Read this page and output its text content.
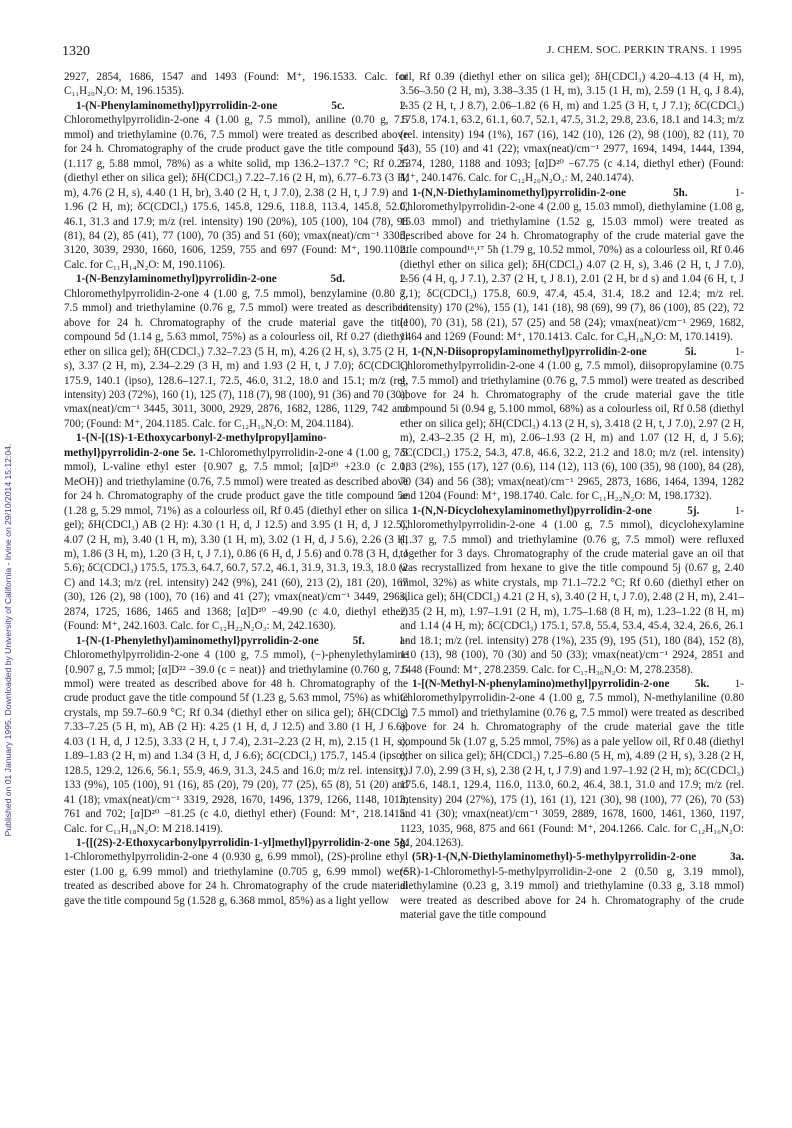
Published on 01 January 1995. Downloaded by University of California - Irvine on 29/10/2014 15:12:04.
1320	J. CHEM. SOC. PERKIN TRANS. 1 1995

2927, 2854, 1686, 1547 and 1493 (Found: M⁺, 196.1533. Calc. for C₁₁H₂₀N₂O: M, 196.1535).

1-(N-Phenylaminomethyl)pyrrolidin-2-one 5c. 1-Chloromethylpyrrolidin-2-one 4 (1.00 g, 7.5 mmol), aniline (0.70 g, 7.5 mmol) and triethylamine (0.76, 7.5 mmol) were treated as described above for 24 h. Chromatography of the crude product gave the title compound 5c (1.117 g, 5.88 mmol, 78%) as a white solid, mp 136.2–137.7 °C; Rf 0.25 (diethyl ether on silica gel); δH(CDCl₃) 7.22–7.16 (2 H, m), 6.77–6.73 (3 H, m), 4.76 (2 H, s), 4.40 (1 H, br), 3.40 (2 H, t, J 7.0), 2.38 (2 H, t, J 7.9) and 1.96 (2 H, m); δC(CDCl₃) 175.6, 145.8, 129.6, 118.8, 113.4, 145.8, 52.0, 46.1, 31.3 and 17.9; m/z (rel. intensity) 190 (20%), 105 (100), 104 (78), 98 (81), 84 (2), 85 (41), 77 (100), 70 (35) and 51 (60); νmax(neat)/cm⁻¹ 3305, 3120, 3039, 2930, 1660, 1606, 1259, 755 and 697 (Found: M⁺, 190.1102. Calc. for C₁₁H₁₄N₂O: M, 190.1106).

1-(N-Benzylaminomethyl)pyrrolidin-2-one 5d. 1-Chloromethylpyrrolidin-2-one 4 (1.00 g, 7.5 mmol), benzylamine (0.80 g, 7.5 mmol) and triethylamine (0.76 g, 7.5 mmol) were treated as described above for 24 h. Chromatography of the crude material gave the title compound 5d (1.14 g, 5.63 mmol, 75%) as a colourless oil, Rf 0.27 (diethyl ether on silica gel); δH(CDCl₃) 7.32–7.23 (5 H, m), 4.26 (2 H, s), 3.75 (2 H, s), 3.37 (2 H, m), 2.34–2.29 (3 H, m) and 1.93 (2 H, t, J 7.0); δC(CDCl₃) 175.9, 140.1 (ipso), 128.6–127.1, 72.5, 46.0, 31.2, 18.0 and 15.1; m/z (rel. intensity) 203 (72%), 160 (1), 125 (7), 118 (7), 98 (100), 91 (36) and 70 (30); νmax(neat)/cm⁻¹ 3445, 3011, 3000, 2929, 2876, 1682, 1286, 1129, 742 and 700; (Found: M⁺, 204.1185. Calc. for C₁₂H₁₆N₂O: M, 204.1184).

1-{N-[(1S)-1-Ethoxycarbonyl-2-methylpropyl]amino-methyl}pyrrolidin-2-one 5e. 1-Chloromethylpyrrolidin-2-one 4 (1.00 g, 7.5 mmol), L-valine ethyl ester {0.907 g, 7.5 mmol; [α]D²⁰ +23.0 (c 2.0, MeOH)} and triethylamine (0.76, 7.5 mmol) were treated as described above for 24 h. Chromatography of the crude product gave the title compound 5e (1.28 g, 5.29 mmol, 71%) as a colourless oil, Rf 0.45 (diethyl ether on silica gel); δH(CDCl₃) AB (2 H): 4.30 (1 H, d, J 12.5) and 3.95 (1 H, d, J 12.5), 4.07 (2 H, m), 3.40 (1 H, m), 3.30 (1 H, m), 3.02 (1 H, d, J 5.6), 2.26 (3 H, m), 1.86 (3 H, m), 1.20 (3 H, t, J 7.1), 0.86 (6 H, d, J 5.6) and 0.78 (3 H, d, J 5.6); δC(CDCl₃) 175.5, 175.3, 64.7, 60.7, 57.2, 46.1, 31.9, 31.3, 19.3, 18.0 (2 C) and 14.3; m/z (rel. intensity) 242 (9%), 241 (60), 213 (2), 181 (20), 167 (30), 126 (2), 98 (100), 70 (16) and 41 (27); νmax(neat)/cm⁻¹ 3449, 2963, 2874, 1725, 1686, 1465 and 1368; [α]D²⁰ −49.90 (c 4.0, diethyl ether) (Found: M⁺, 242.1603. Calc. for C₁₂H₂₂N₂O₃: M, 242.1630).

1-{N-(1-Phenylethyl)aminomethyl}pyrrolidin-2-one 5f. 1-Chloromethylpyrrolidin-2-one 4 (100 g, 7.5 mmol), (−)-phenylethylamine {0.907 g, 7.5 mmol; [α]D²² −39.0 (c = neat)} and triethylamine (0.760 g, 7.5 mmol) were treated as described above for 48 h. Chromatography of the crude product gave the title compound 5f (1.23 g, 5.63 mmol, 75%) as white crystals, mp 59.7–60.9 °C; Rf 0.34 (diethyl ether on silica gel); δH(CDCl₃) 7.33–7.25 (5 H, m), AB (2 H): 4.25 (1 H, d, J 12.5) and 3.80 (1 H, J 6.6), 4.03 (1 H, d, J 12.5), 3.33 (2 H, t, J 7.4), 2.31–2.23 (2 H, m), 2.15 (1 H, s), 1.89–1.83 (2 H, m) and 1.34 (3 H, d, J 6.6); δC(CDCl₃) 175.7, 145.4 (ipso), 128.5, 129.2, 126.6, 56.1, 55.9, 46.9, 31.3, 24.5 and 16.0; m/z rel. intensity) 133 (9%), 105 (100), 91 (16), 85 (20), 79 (20), 77 (25), 65 (8), 51 (20) and 41 (18); νmax(neat)/cm⁻¹ 3319, 2928, 1670, 1496, 1379, 1266, 1148, 1013, 761 and 702; [α]D²⁰ −81.25 (c 4.0, diethyl ether) (Found: M⁺, 218.1415. Calc. for C₁₃H₁₈N₂O: M 218.1419).

1-{[(2S)-2-Ethoxycarbonylpyrrolidin-1-yl]methyl}pyrrolidin-2-one 5g. 1-Chloromethylpyrrolidin-2-one 4 (0.930 g, 6.99 mmol), (2S)-proline ethyl ester (1.00 g, 6.99 mmol) and triethylamine (0.705 g, 6.99 mmol) were treated as described above for 24 h. Chromatography of the crude material gave the title compound 5g (1.528 g, 6.368 mmol, 85%) as a light yellow

oil, Rf 0.39 (diethyl ether on silica gel); δH(CDCl₃) 4.20–4.13 (4 H, m), 3.56–3.50 (2 H, m), 3.38–3.35 (1 H, m), 3.15 (1 H, m), 2.59 (1 H, q, J 8.4), 2.35 (2 H, t, J 8.7), 2.06–1.82 (6 H, m) and 1.25 (3 H, t, J 7.1); δC(CDCl₃) 175.8, 174.1, 63.2, 61.1, 60.7, 52.1, 47.5, 31.2, 29.8, 23.6, 18.1 and 14.3; m/z (rel. intensity) 194 (1%), 167 (16), 142 (10), 126 (2), 98 (100), 82 (11), 70 (43), 55 (10) and 41 (22); νmax(neat)/cm⁻¹ 2977, 1694, 1494, 1444, 1394, 1374, 1280, 1188 and 1093; [α]D²⁰ −67.75 (c 4.14, diethyl ether) (Found: M⁺, 240.1476. Calc. for C₁₂H₂₀N₂O₃: M, 240.1474).

1-(N,N-Diethylaminomethyl)pyrrolidin-2-one 5h. 1-Chloromethylpyrrolidin-2-one 4 (2.00 g, 15.03 mmol), diethylamine (1.08 g, 15.03 mmol) and triethylamine (1.52 g, 15.03 mmol) were treated as described above for 24 h. Chromatography of the crude material gave the title compound¹⁶,¹⁷ 5h (1.79 g, 10.52 mmol, 70%) as a colourless oil, Rf 0.46 (diethyl ether on silica gel); δH(CDCl₃) 4.07 (2 H, s), 3.46 (2 H, t, J 7.0), 2.56 (4 H, q, J 7.1), 2.37 (2 H, t, J 8.1), 2.01 (2 H, br d s) and 1.04 (6 H, t, J 7.1); δC(CDCl₃) 175.8, 60.9, 47.4, 45.4, 31.4, 18.2 and 12.4; m/z rel. intensity) 170 (2%), 155 (1), 141 (18), 98 (69), 99 (7), 86 (100), 85 (22), 72 (100), 70 (31), 58 (21), 57 (25) and 58 (24); νmax(neat)/cm⁻¹ 2969, 1682, 1464 and 1269 (Found: M⁺, 170.1413. Calc. for C₉H₁₈N₂O: M, 170.1419).

1-(N,N-Diisopropylaminomethyl)pyrrolidin-2-one 5i. 1-Chloromethylpyrrolidin-2-one 4 (1.00 g, 7.5 mmol), diisopropylamine (0.75 g, 7.5 mmol) and triethylamine (0.76 g, 7.5 mmol) were treated as described above for 24 h. Chromatography of the crude material gave the title compound 5i (0.94 g, 5.100 mmol, 68%) as a colourless oil, Rf 0.58 (diethyl ether on silica gel); δH(CDCl₃) 4.13 (2 H, s), 3.418 (2 H, t, J 7.0), 2.97 (2 H, m), 2.43–2.35 (2 H, m), 2.06–1.93 (2 H, m) and 1.07 (12 H, d, J 5.6); δC(CDCl₃) 175.2, 54.3, 47.8, 46.6, 32.2, 21.2 and 18.0; m/z (rel. intensity) 183 (2%), 155 (17), 127 (0.6), 114 (12), 113 (6), 100 (35), 98 (100), 84 (28), 70 (34) and 56 (38); νmax(neat)/cm⁻¹ 2965, 2873, 1686, 1464, 1394, 1282 and 1204 (Found: M⁺, 198.1740. Calc. for C₁₁H₂₂N₂O: M, 198.1732).

1-(N,N-Dicyclohexylaminomethyl)pyrrolidin-2-one 5j. 1-Chloromethylpyrrolidin-2-one 4 (1.00 g, 7.5 mmol), dicyclohexylamine (1.37 g, 7.5 mmol) and triethylamine (0.76 g, 7.5 mmol) were refluxed together for 3 days. Chromatography of the crude material gave an oil that was recrystallized from hexane to give the title compound 5j (0.67 g, 2.40 mmol, 32%) as white crystals, mp 71.1–72.2 °C; Rf 0.60 (diethyl ether on silica gel); δH(CDCl₃) 4.21 (2 H, s), 3.40 (2 H, t, J 7.0), 2.48 (2 H, m), 2.41–2.35 (2 H, m), 1.97–1.91 (2 H, m), 1.75–1.68 (8 H, m), 1.23–1.22 (8 H, m) and 1.14 (4 H, m); δC(CDCl₃) 175.1, 57.8, 55.4, 53.4, 45.4, 32.4, 26.6, 26.1 and 18.1; m/z (rel. intensity) 278 (1%), 235 (9), 195 (51), 180 (84), 152 (8), 110 (13), 98 (100), 70 (30) and 50 (33); νmax(neat)/cm⁻¹ 2924, 2851 and 1448 (Found: M⁺, 278.2359. Calc. for C₁₇H₃₀N₂O: M, 278.2358).

1-[(N-Methyl-N-phenylamino)methyl]pyrrolidin-2-one 5k. 1-Chloromethylpyrrolidin-2-one 4 (1.00 g, 7.5 mmol), N-methylaniline (0.80 g, 7.5 mmol) and triethylamine (0.76 g, 7.5 mmol) were treated as described above for 24 h. Chromatography of the crude material gave the title compound 5k (1.07 g, 5.25 mmol, 75%) as a pale yellow oil, Rf 0.48 (diethyl ether on silica gel); δH(CDCl₃) 7.25–6.80 (5 H, m), 4.89 (2 H, s), 3.28 (2 H, t, J 7.0), 2.99 (3 H, s), 2.38 (2 H, t, J 7.9) and 1.97–1.92 (2 H, m); δC(CDCl₃) 175.6, 148.1, 129.4, 116.0, 113.0, 60.2, 46.4, 38.1, 31.0 and 17.9; m/z (rel. intensity) 204 (27%), 175 (1), 161 (1), 121 (30), 98 (100), 77 (26), 70 (53) and 41 (30); νmax(neat)/cm⁻¹ 3059, 2889, 1678, 1600, 1461, 1360, 1197, 1123, 1035, 968, 875 and 661 (Found: M⁺, 204.1266. Calc. for C₁₂H₁₆N₂O: M, 204.1263).

(5R)-1-(N,N-Diethylaminomethyl)-5-methylpyrrolidin-2-one 3a. (5R)-1-Chloromethyl-5-methylpyrrolidin-2-one 2 (0.50 g, 3.19 mmol), diethylamine (0.23 g, 3.19 mmol) and triethylamine (0.33 g, 3.18 mmol) were treated as described above for 24 h. Chromatography of the crude material gave the title compound
